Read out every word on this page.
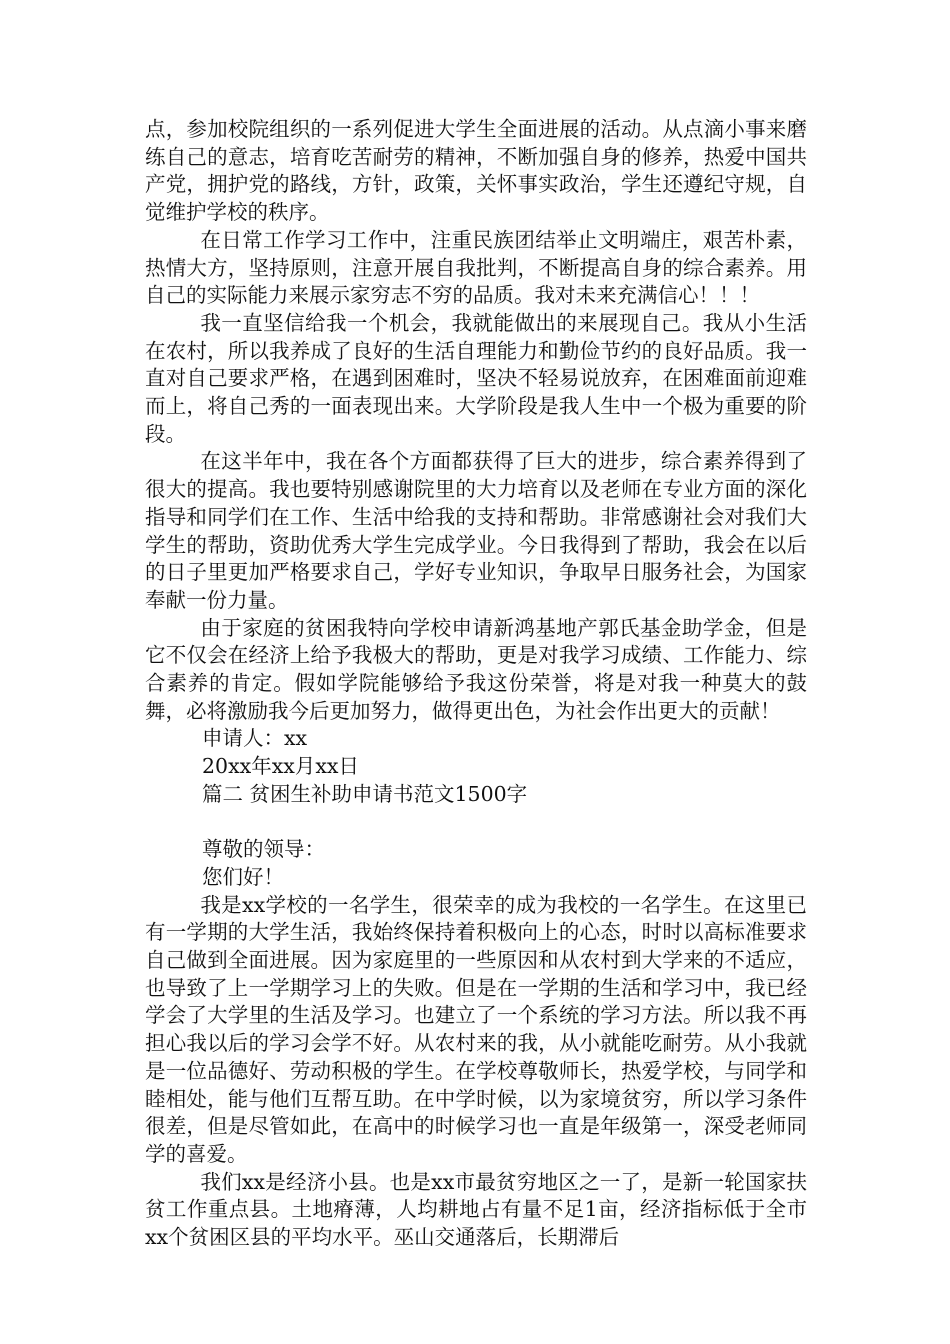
点，参加校院组织的一系列促进大学生全面进展的活动。从点滴小事来磨练自己的意志，培育吃苦耐劳的精神，不断加强自身的修养，热爱中国共产党，拥护党的路线，方针，政策，关怀事实政治，学生还遵纪守规，自觉维护学校的秩序。

在日常工作学习工作中，注重民族团结举止文明端庄，艰苦朴素，热情大方，坚持原则，注意开展自我批判，不断提高自身的综合素养。用自己的实际能力来展示家穷志不穷的品质。我对未来充满信心！！！

我一直坚信给我一个机会，我就能做出的来展现自己。我从小生活在农村，所以我养成了良好的生活自理能力和勤俭节约的良好品质。我一直对自己要求严格，在遇到困难时，坚决不轻易说放弃，在困难面前迎难而上，将自己秀的一面表现出来。大学阶段是我人生中一个极为重要的阶段。

在这半年中，我在各个方面都获得了巨大的进步，综合素养得到了很大的提高。我也要特别感谢院里的大力培育以及老师在专业方面的深化指导和同学们在工作、生活中给我的支持和帮助。非常感谢社会对我们大学生的帮助，资助优秀大学生完成学业。今日我得到了帮助，我会在以后的日子里更加严格要求自己，学好专业知识，争取早日服务社会，为国家奉献一份力量。

由于家庭的贫困我特向学校申请新鸿基地产郭氏基金助学金，但是它不仅会在经济上给予我极大的帮助，更是对我学习成绩、工作能力、综合素养的肯定。假如学院能够给予我这份荣誉，将是对我一种莫大的鼓舞，必将激励我今后更加努力，做得更出色，为社会作出更大的贡献！

申请人：xx

20xx年xx月xx日

篇二 贫困生补助申请书范文1500字

尊敬的领导：

您们好！

我是xx学校的一名学生，很荣幸的成为我校的一名学生。在这里已有一学期的大学生活，我始终保持着积极向上的心态，时时以高标准要求自己做到全面进展。因为家庭里的一些原因和从农村到大学来的不适应，也导致了上一学期学习上的失败。但是在一学期的生活和学习中，我已经学会了大学里的生活及学习。也建立了一个系统的学习方法。所以我不再担心我以后的学习会学不好。从农村来的我，从小就能吃耐劳。从小我就是一位品德好、劳动积极的学生。在学校尊敬师长，热爱学校，与同学和睦相处，能与他们互帮互助。在中学时候，以为家境贫穷，所以学习条件很差，但是尽管如此，在高中的时候学习也一直是年级第一，深受老师同学的喜爱。

我们xx是经济小县。也是xx市最贫穷地区之一了，是新一轮国家扶贫工作重点县。土地瘠薄，人均耕地占有量不足1亩，经济指标低于全市xx个贫困区县的平均水平。巫山交通落后，长期滞后
